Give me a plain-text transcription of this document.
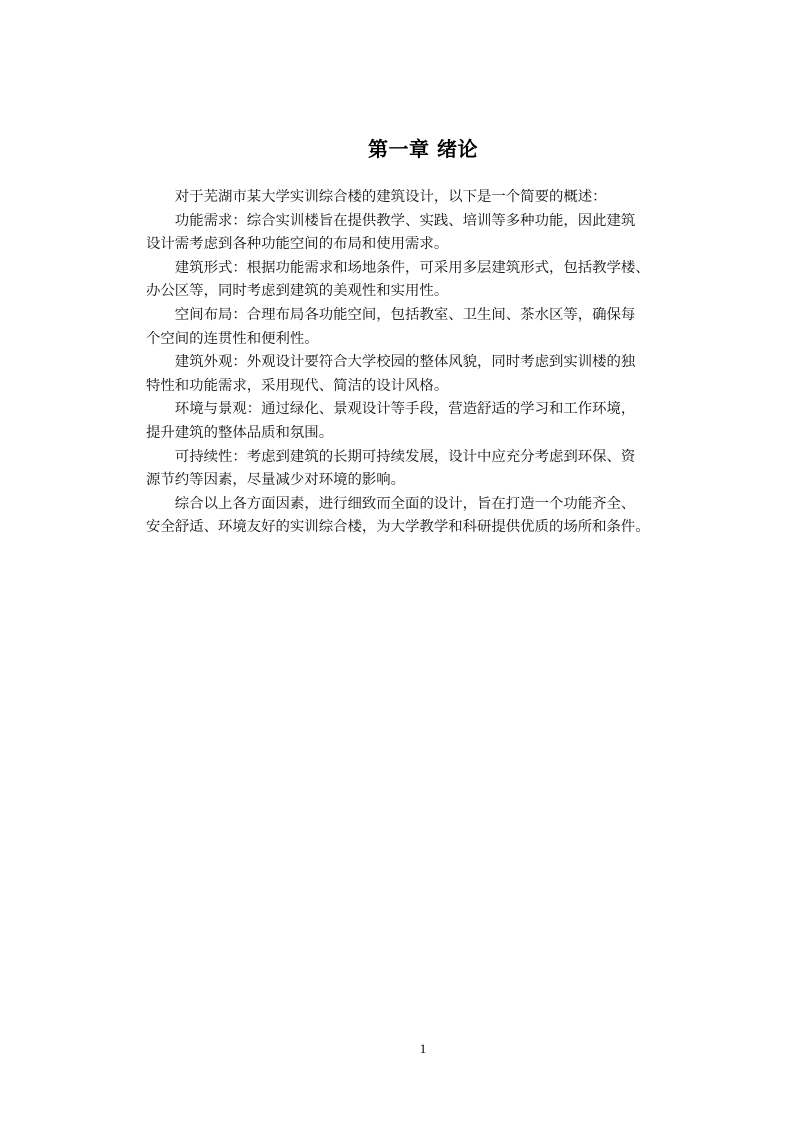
第一章 绪论

对于芜湖市某大学实训综合楼的建筑设计，以下是一个简要的概述：

功能需求：综合实训楼旨在提供教学、实践、培训等多种功能，因此建筑
设计需考虑到各种功能空间的布局和使用需求。

建筑形式：根据功能需求和场地条件，可采用多层建筑形式，包括教学楼、
办公区等，同时考虑到建筑的美观性和实用性。

空间布局：合理布局各功能空间，包括教室、卫生间、茶水区等，确保每
个空间的连贯性和便利性。

建筑外观：外观设计要符合大学校园的整体风貌，同时考虑到实训楼的独
特性和功能需求，采用现代、简洁的设计风格。

环境与景观：通过绿化、景观设计等手段，营造舒适的学习和工作环境，
提升建筑的整体品质和氛围。

可持续性：考虑到建筑的长期可持续发展，设计中应充分考虑到环保、资
源节约等因素，尽量减少对环境的影响。

综合以上各方面因素，进行细致而全面的设计，旨在打造一个功能齐全、
安全舒适、环境友好的实训综合楼，为大学教学和科研提供优质的场所和条件。

1
